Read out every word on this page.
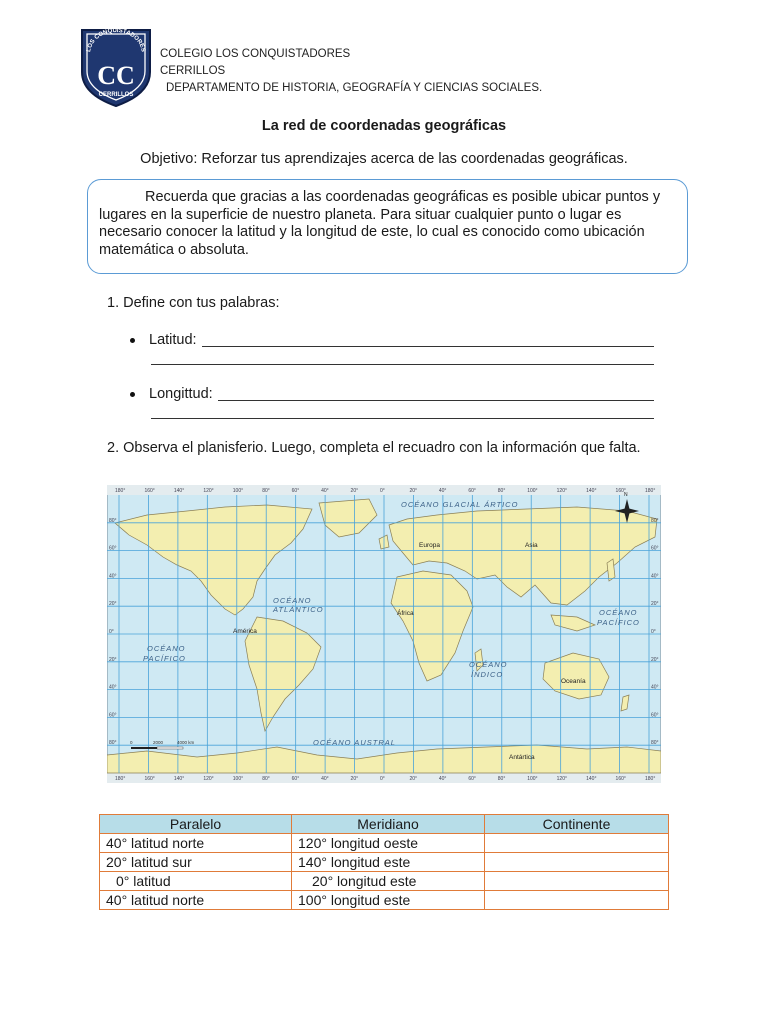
LOS CONQUISTADORES
CC
CERRILLOS
COLEGIO LOS CONQUISTADORES
CERRILLOS
DEPARTAMENTO DE HISTORIA, GEOGRAFÍA Y CIENCIAS SOCIALES.
La red de coordenadas geográficas
Objetivo: Reforzar tus aprendizajes acerca de las coordenadas geográficas.
Recuerda que gracias a las coordenadas geográficas es posible ubicar puntos y lugares en la superficie de nuestro planeta. Para situar cualquier punto o lugar es necesario conocer la latitud y la longitud de este, lo cual es conocido como ubicación matemática o absoluta.
1. Define con tus palabras:
Latitud:
Longittud:
2. Observa el planisferio. Luego, completa el recuadro con la información que falta.
180°	160°	140°	120°	100°	80°	60°	40°	20°	0°	20°	40°	60°	80°	100°	120°	140°	160°	180°
180°	160°	140°	120°	100°	80°	60°	40°	20°	0°	20°	40°	60°	80°	100°	120°	140°	160°	180°
80°	80°
60°	60°
40°	40°
20°	20°
0°	0°
20°	20°
40°	40°
60°	60°
80°	80°
OCÉANO GLACIAL ÁRTICO
OCÉANO
ATLÁNTICO
OCÉANO
PACÍFICO
OCÉANO
PACÍFICO
OCÉANO
ÍNDICO
OCÉANO AUSTRAL
Europa	Asia
África
América
Oceanía
Antártica
0	2000	4000 km
N
Paralelo	Meridiano	Continente
40° latitud norte	120° longitud oeste	
20° latitud sur	140° longitud este	
0° latitud	20° longitud este	
40° latitud norte	100° longitud este	
